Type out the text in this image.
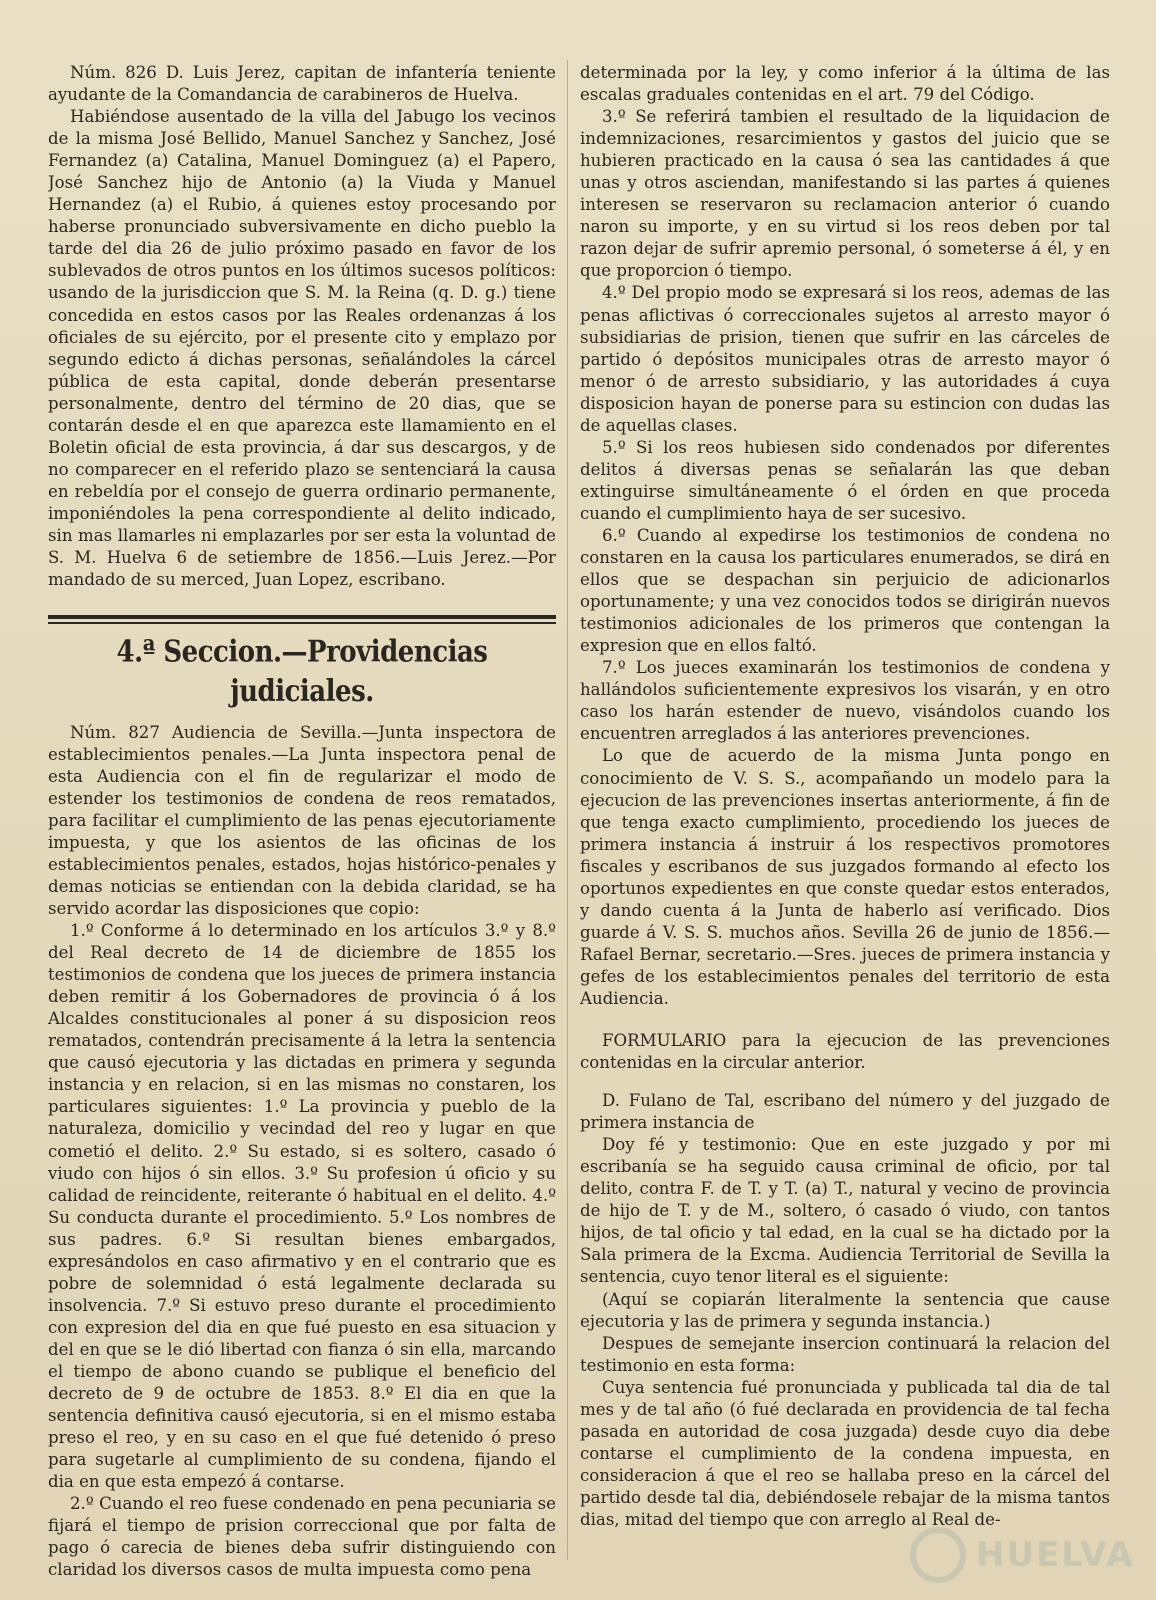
Núm. 826 D. Luis Jerez, capitan de infantería teniente ayudante de la Comandancia de carabineros de Huelva.

Habiéndose ausentado de la villa del Jabugo los vecinos de la misma José Bellido, Manuel Sanchez y Sanchez, José Fernandez (a) Catalina, Manuel Dominguez (a) el Papero, José Sanchez hijo de Antonio (a) la Viuda y Manuel Hernandez (a) el Rubio, á quienes estoy procesando por haberse pronunciado subversivamente en dicho pueblo la tarde del dia 26 de julio próximo pasado en favor de los sublevados de otros puntos en los últimos sucesos políticos: usando de la jurisdiccion que S. M. la Reina (q. D. g.) tiene concedida en estos casos por las Reales ordenanzas á los oficiales de su ejército, por el presente cito y emplazo por segundo edicto á dichas personas, señalándoles la cárcel pública de esta capital, donde deberán presentarse personalmente, dentro del término de 20 dias, que se contarán desde el en que aparezca este llamamiento en el Boletin oficial de esta provincia, á dar sus descargos, y de no comparecer en el referido plazo se sentenciará la causa en rebeldía por el consejo de guerra ordinario permanente, imponiéndoles la pena correspondiente al delito indicado, sin mas llamarles ni emplazarles por ser esta la voluntad de S. M. Huelva 6 de setiembre de 1856.—Luis Jerez.—Por mandado de su merced, Juan Lopez, escribano.

4.ª Seccion.—Providencias judiciales.

Núm. 827 Audiencia de Sevilla.—Junta inspectora de establecimientos penales.—La Junta inspectora penal de esta Audiencia con el fin de regularizar el modo de estender los testimonios de condena de reos rematados, para facilitar el cumplimiento de las penas ejecutoriamente impuesta, y que los asientos de las oficinas de los establecimientos penales, estados, hojas histórico-penales y demas noticias se entiendan con la debida claridad, se ha servido acordar las disposiciones que copio:

1.º Conforme á lo determinado en los artículos 3.º y 8.º del Real decreto de 14 de diciembre de 1855 los testimonios de condena que los jueces de primera instancia deben remitir á los Gobernadores de provincia ó á los Alcaldes constitucionales al poner á su disposicion reos rematados, contendrán precisamente á la letra la sentencia que causó ejecutoria y las dictadas en primera y segunda instancia y en relacion, si en las mismas no constaren, los particulares siguientes: 1.º La provincia y pueblo de la naturaleza, domicilio y vecindad del reo y lugar en que cometió el delito. 2.º Su estado, si es soltero, casado ó viudo con hijos ó sin ellos. 3.º Su profesion ú oficio y su calidad de reincidente, reiterante ó habitual en el delito. 4.º Su conducta durante el procedimiento. 5.º Los nombres de sus padres. 6.º Si resultan bienes embargados, expresándolos en caso afirmativo y en el contrario que es pobre de solemnidad ó está legalmente declarada su insolvencia. 7.º Si estuvo preso durante el procedimiento con expresion del dia en que fué puesto en esa situacion y del en que se le dió libertad con fianza ó sin ella, marcando el tiempo de abono cuando se publique el beneficio del decreto de 9 de octubre de 1853. 8.º El dia en que la sentencia definitiva causó ejecutoria, si en el mismo estaba preso el reo, y en su caso en el que fué detenido ó preso para sugetarle al cumplimiento de su condena, fijando el dia en que esta empezó á contarse.

2.º Cuando el reo fuese condenado en pena pecuniaria se fijará el tiempo de prision correccional que por falta de pago ó carecia de bienes deba sufrir distinguiendo con claridad los diversos casos de multa impuesta como pena

determinada por la ley, y como inferior á la última de las escalas graduales contenidas en el art. 79 del Código.

3.º Se referirá tambien el resultado de la liquidacion de indemnizaciones, resarcimientos y gastos del juicio que se hubieren practicado en la causa ó sea las cantidades á que unas y otros asciendan, manifestando si las partes á quienes interesen se reservaron su reclamacion anterior ó cuando naron su importe, y en su virtud si los reos deben por tal razon dejar de sufrir apremio personal, ó someterse á él, y en que proporcion ó tiempo.

4.º Del propio modo se expresará si los reos, ademas de las penas aflictivas ó correccionales sujetos al arresto mayor ó subsidiarias de prision, tienen que sufrir en las cárceles de partido ó depósitos municipales otras de arresto mayor ó menor ó de arresto subsidiario, y las autoridades á cuya disposicion hayan de ponerse para su estincion con dudas las de aquellas clases.

5.º Si los reos hubiesen sido condenados por diferentes delitos á diversas penas se señalarán las que deban extinguirse simultáneamente ó el órden en que proceda cuando el cumplimiento haya de ser sucesivo.

6.º Cuando al expedirse los testimonios de condena no constaren en la causa los particulares enumerados, se dirá en ellos que se despachan sin perjuicio de adicionarlos oportunamente; y una vez conocidos todos se dirigirán nuevos testimonios adicionales de los primeros que contengan la expresion que en ellos faltó.

7.º Los jueces examinarán los testimonios de condena y hallándolos suficientemente expresivos los visarán, y en otro caso los harán estender de nuevo, visándolos cuando los encuentren arreglados á las anteriores prevenciones.

Lo que de acuerdo de la misma Junta pongo en conocimiento de V. S. S., acompañando un modelo para la ejecucion de las prevenciones insertas anteriormente, á fin de que tenga exacto cumplimiento, procediendo los jueces de primera instancia á instruir á los respectivos promotores fiscales y escribanos de sus juzgados formando al efecto los oportunos expedientes en que conste quedar estos enterados, y dando cuenta á la Junta de haberlo así verificado. Dios guarde á V. S. S. muchos años. Sevilla 26 de junio de 1856.—Rafael Bernar, secretario.—Sres. jueces de primera instancia y gefes de los establecimientos penales del territorio de esta Audiencia.

FORMULARIO para la ejecucion de las prevenciones contenidas en la circular anterior.

D. Fulano de Tal, escribano del número y del juzgado de primera instancia de

Doy fé y testimonio: Que en este juzgado y por mi escribanía se ha seguido causa criminal de oficio, por tal delito, contra F. de T. y T. (a) T., natural y vecino de provincia de hijo de T. y de M., soltero, ó casado ó viudo, con tantos hijos, de tal oficio y tal edad, en la cual se ha dictado por la Sala primera de la Excma. Audiencia Territorial de Sevilla la sentencia, cuyo tenor literal es el siguiente:

(Aquí se copiarán literalmente la sentencia que cause ejecutoria y las de primera y segunda instancia.)

Despues de semejante insercion continuará la relacion del testimonio en esta forma:

Cuya sentencia fué pronunciada y publicada tal dia de tal mes y de tal año (ó fué declarada en providencia de tal fecha pasada en autoridad de cosa juzgada) desde cuyo dia debe contarse el cumplimiento de la condena impuesta, en consideracion á que el reo se hallaba preso en la cárcel del partido desde tal dia, debiéndosele rebajar de la misma tantos dias, mitad del tiempo que con arreglo al Real de-

HUELVA
